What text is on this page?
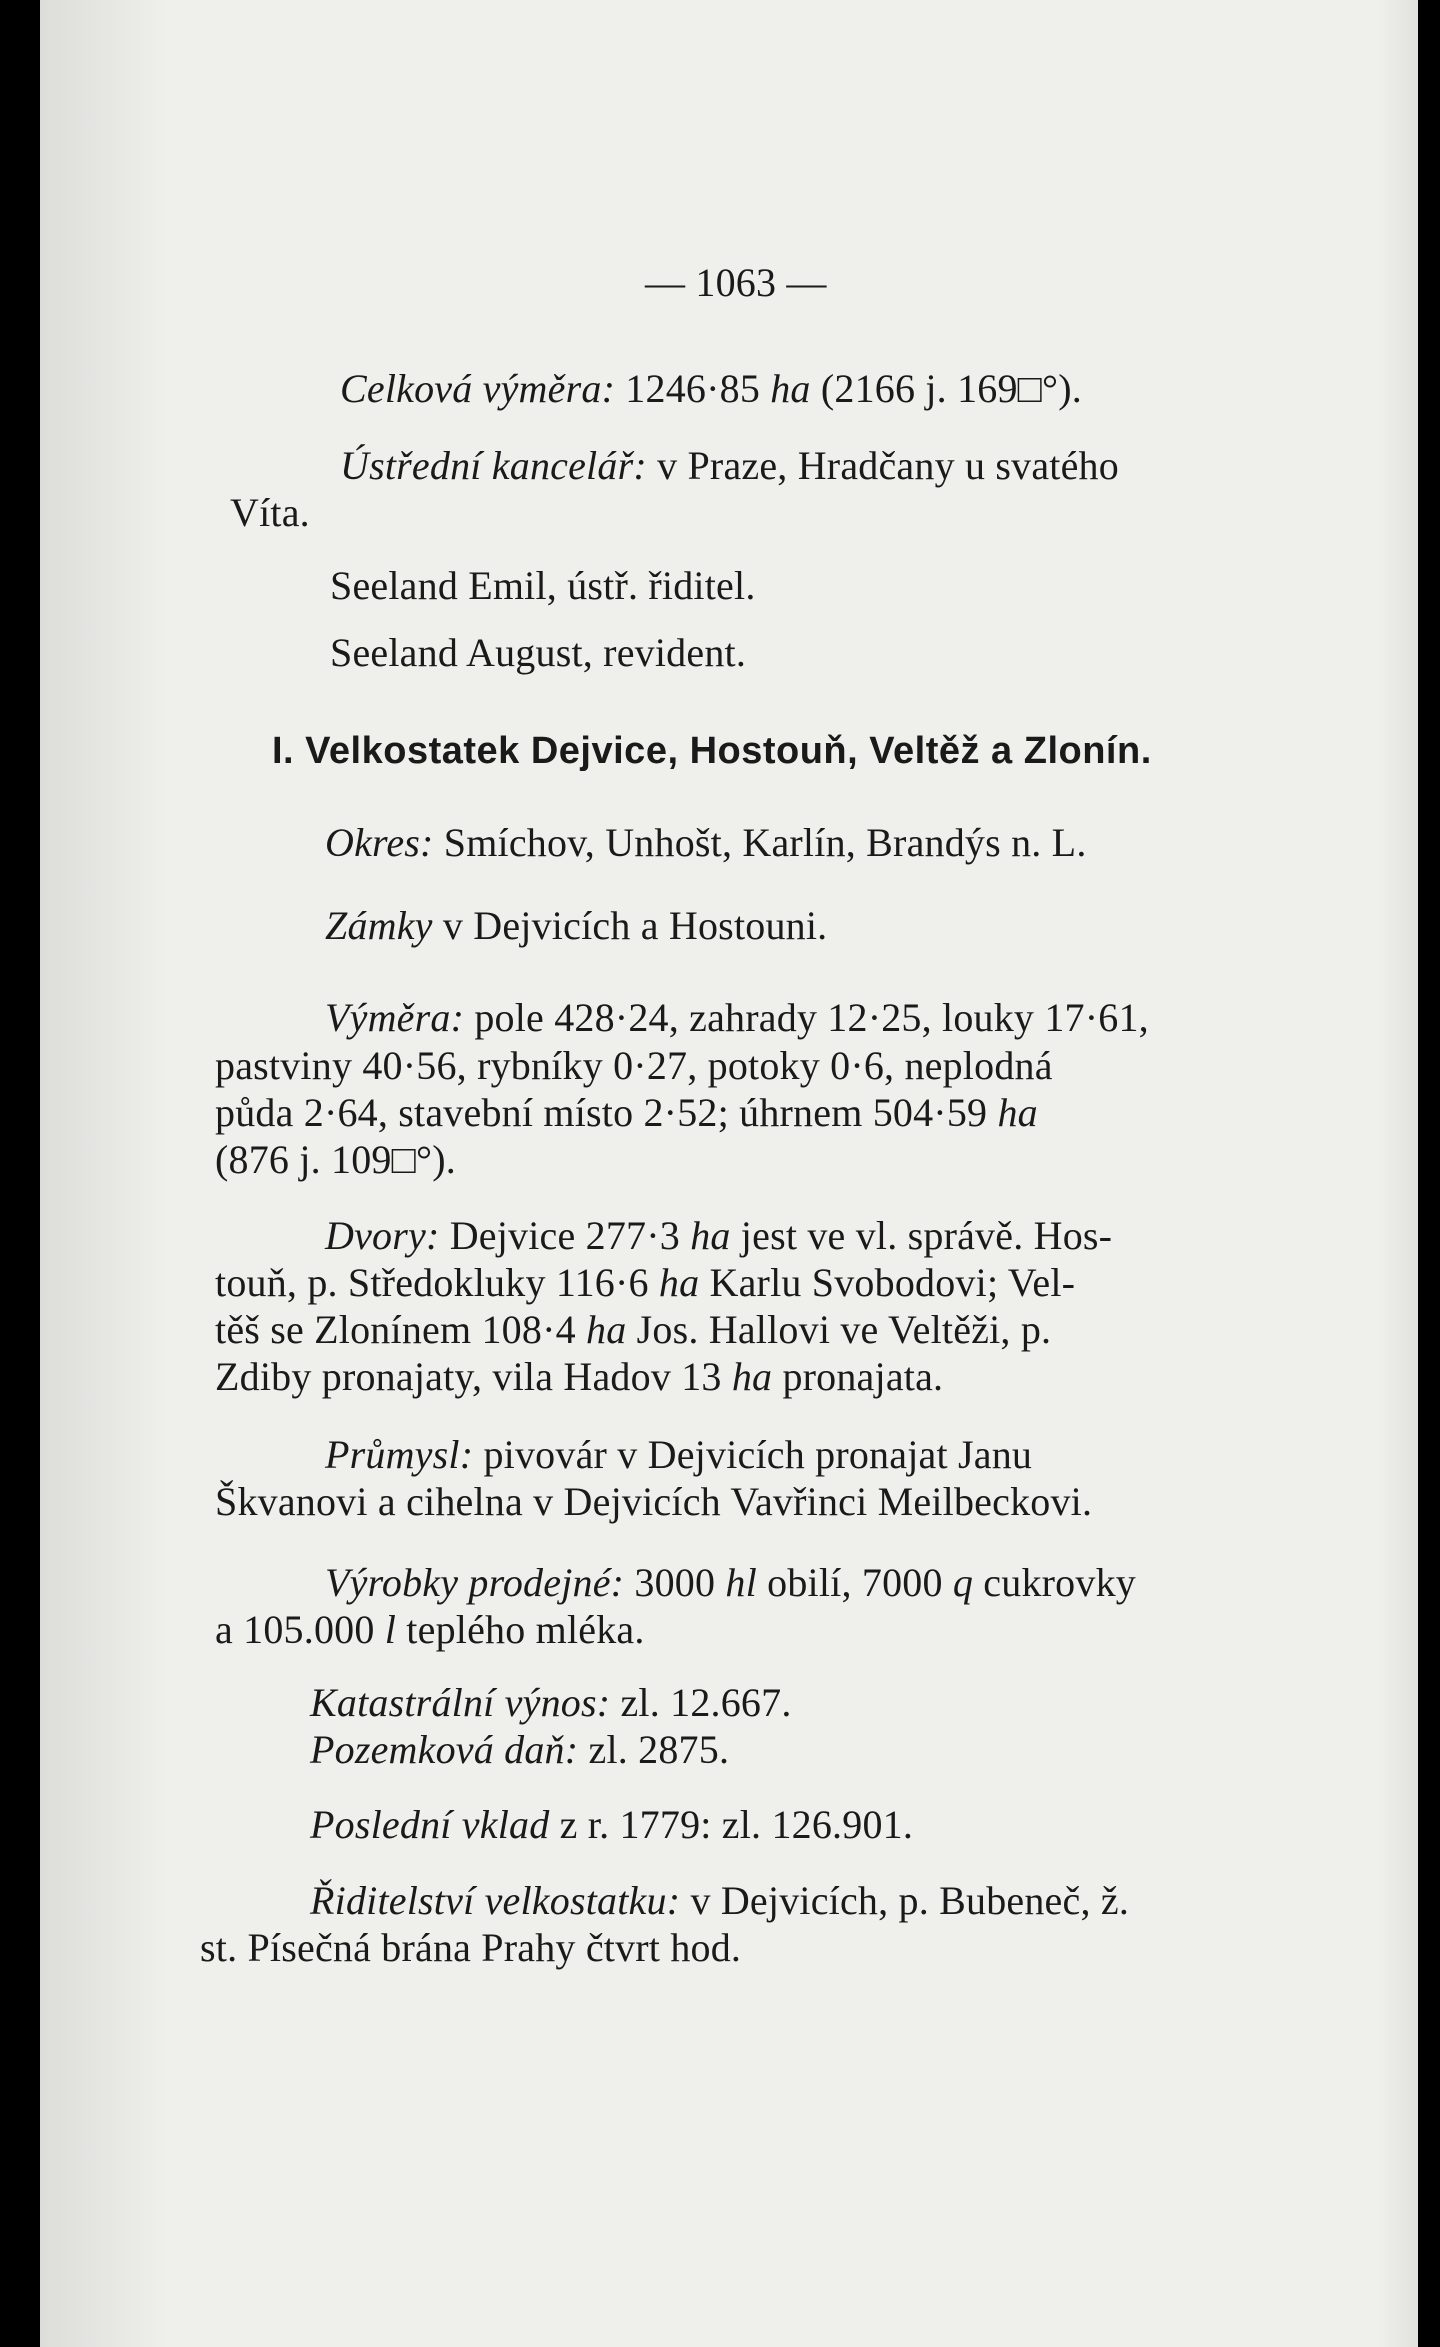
— 1063 —
Celková výměra: 1246·85 ha (2166 j. 169□°).
Ústřední kancelář: v Praze, Hradčany u svatého
Víta.
Seeland Emil, ústř. řiditel.
Seeland August, revident.
I. Velkostatek Dejvice, Hostouň, Veltěž a Zlonín.
Okres: Smíchov, Unhošt, Karlín, Brandýs n. L.
Zámky v Dejvicích a Hostouni.
Výměra: pole 428·24, zahrady 12·25, louky 17·61,
pastviny 40·56, rybníky 0·27, potoky 0·6, neplodná
půda 2·64, stavební místo 2·52; úhrnem 504·59 ha
(876 j. 109□°).
Dvory: Dejvice 277·3 ha jest ve vl. správě. Hos-
touň, p. Středokluky 116·6 ha Karlu Svobodovi; Vel-
těš se Zlonínem 108·4 ha Jos. Hallovi ve Veltěži, p.
Zdiby pronajaty, vila Hadov 13 ha pronajata.
Průmysl: pivovár v Dejvicích pronajat Janu
Škvanovi a cihelna v Dejvicích Vavřinci Meilbeckovi.
Výrobky prodejné: 3000 hl obilí, 7000 q cukrovky
a 105.000 l teplého mléka.
Katastrální výnos: zl. 12.667.
Pozemková daň: zl. 2875.
Poslední vklad z r. 1779: zl. 126.901.
Řiditelství velkostatku: v Dejvicích, p. Bubeneč, ž.
st. Písečná brána Prahy čtvrt hod.
